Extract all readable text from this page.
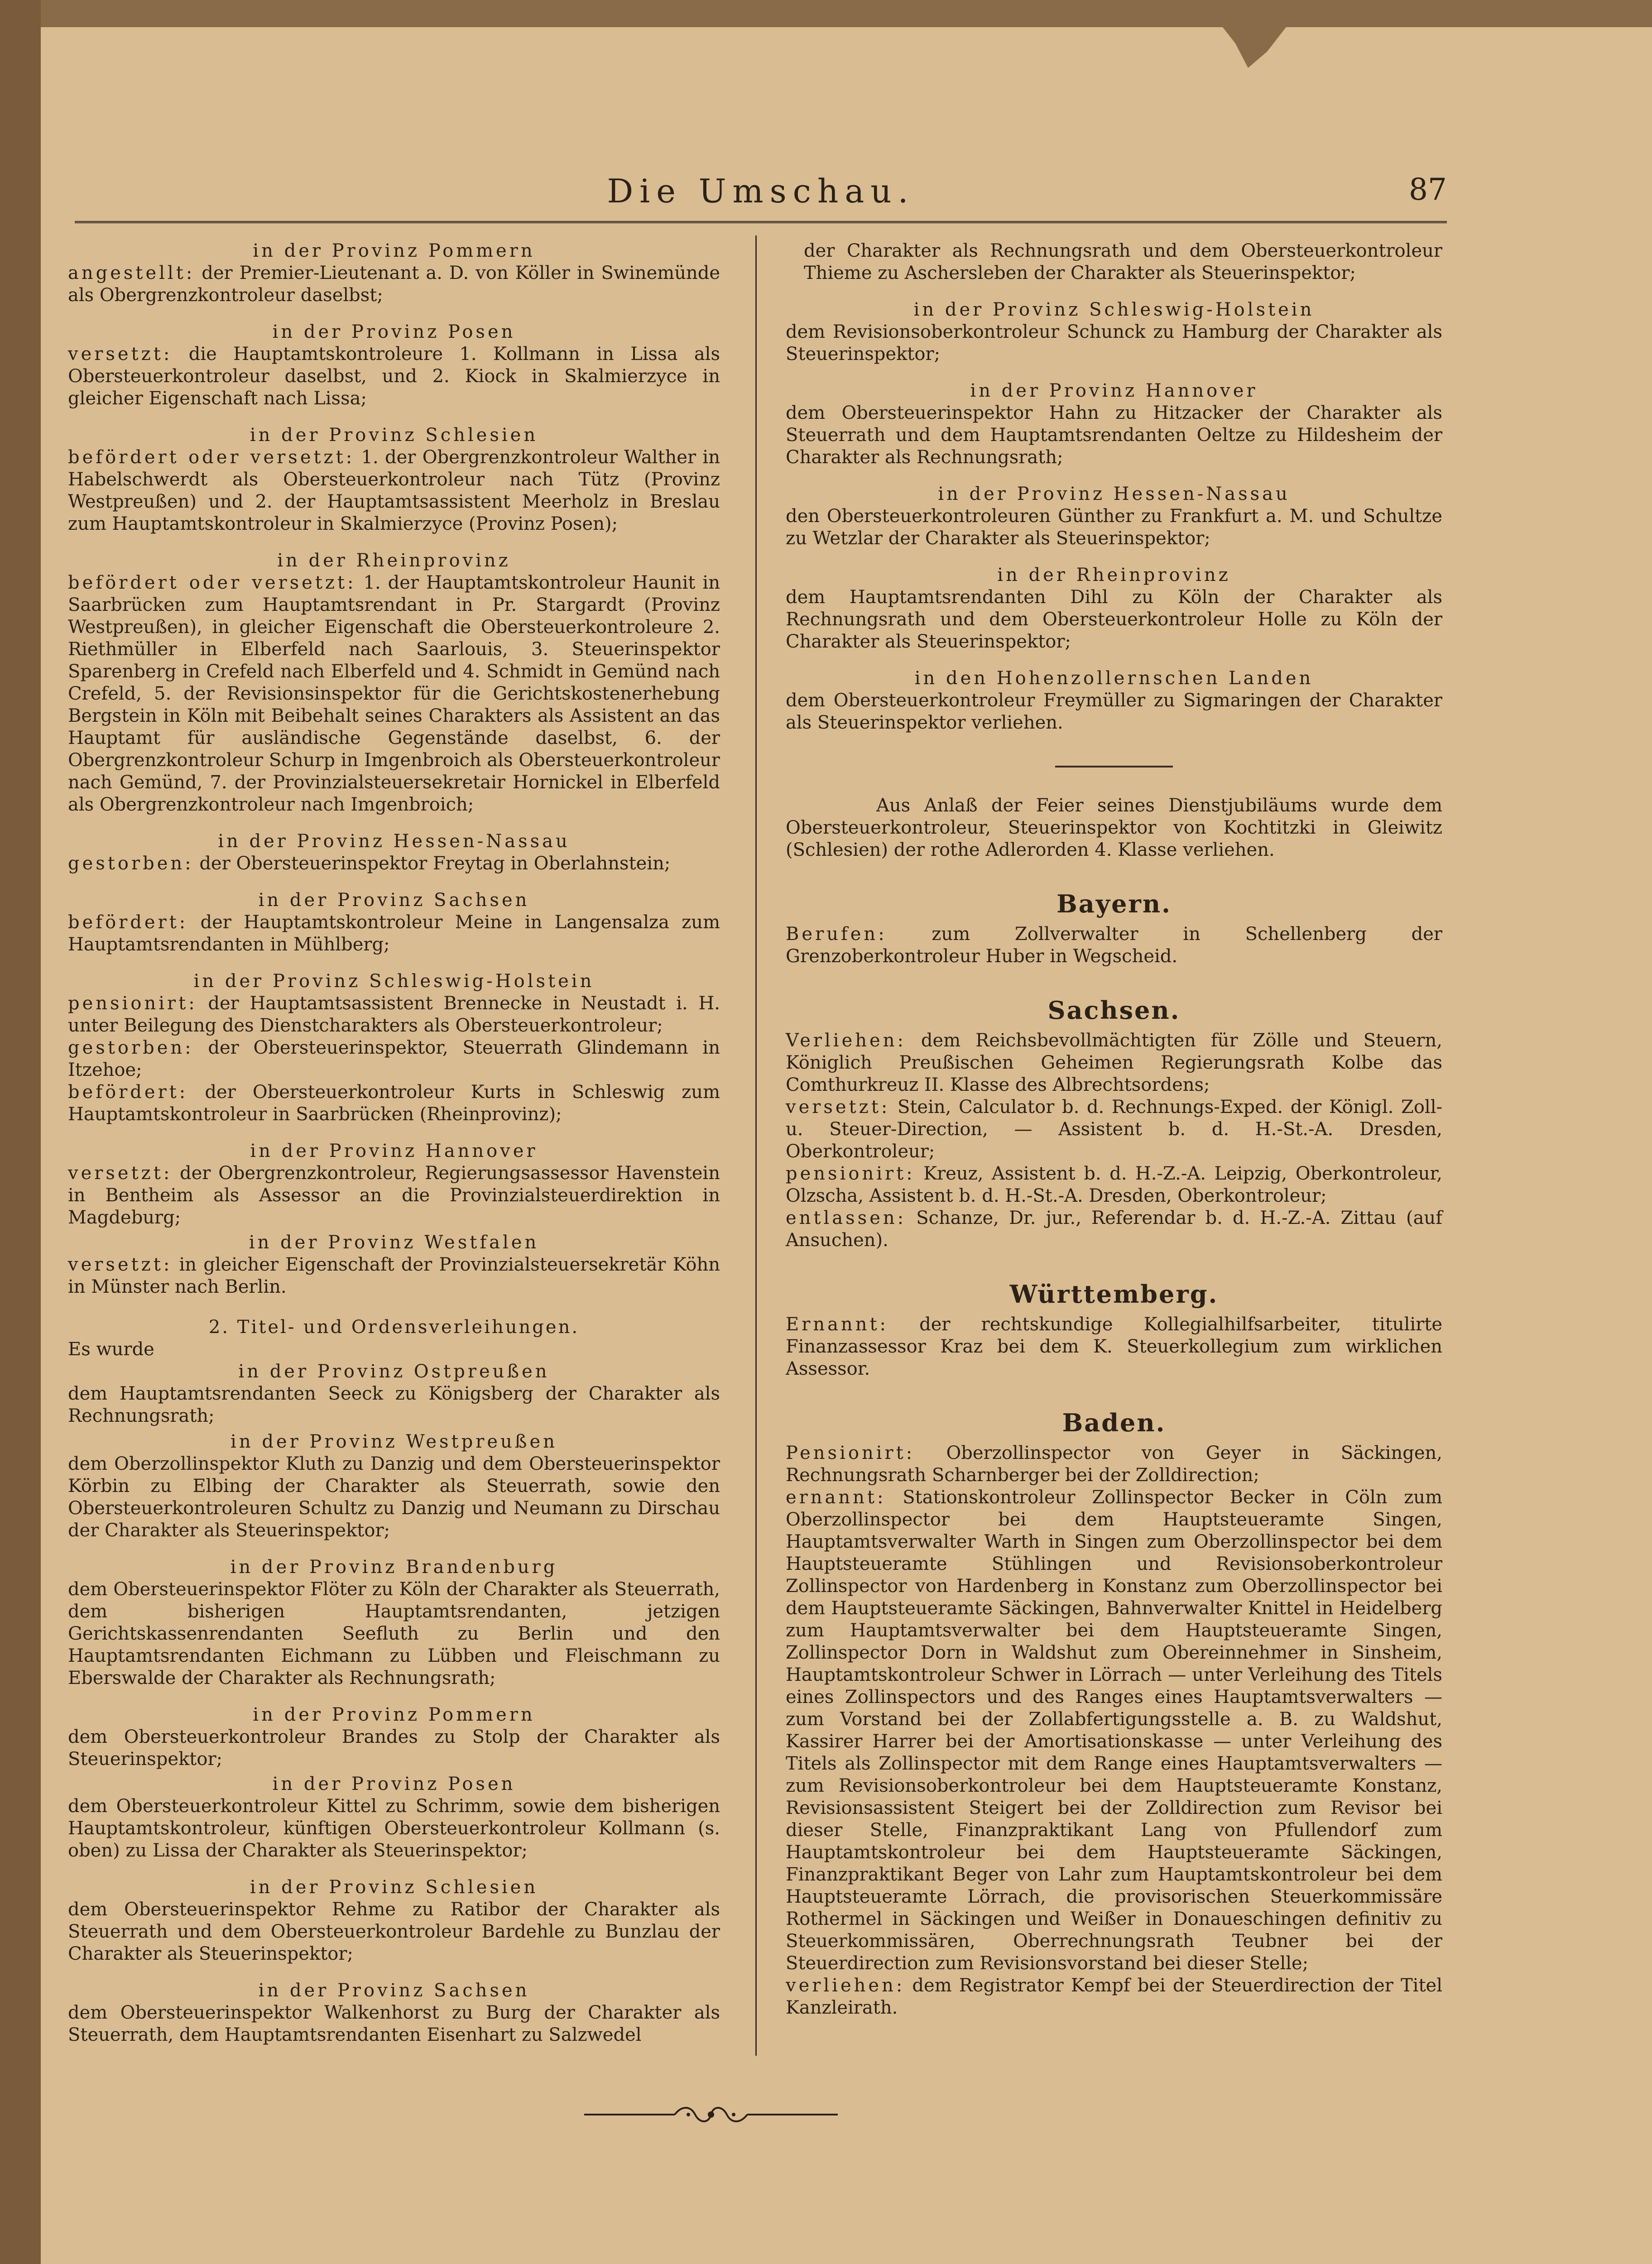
Die Umschau.	87
in der Provinz Pommern

angestellt: der Premier-Lieutenant a. D. von Köller in Swinemünde als Obergrenzkontroleur daselbst;

in der Provinz Posen

versetzt: die Hauptamtskontroleure 1. Kollmann in Lissa als Obersteuerkontroleur daselbst, und 2. Kiock in Skalmierzyce in gleicher Eigenschaft nach Lissa;

in der Provinz Schlesien

befördert oder versetzt: 1. der Obergrenzkontroleur Walther in Habelschwerdt als Obersteuerkontroleur nach Tütz (Provinz Westpreußen) und 2. der Hauptamtsassistent Meerholz in Breslau zum Hauptamtskontroleur in Skalmierzyce (Provinz Posen);

in der Rheinprovinz

befördert oder versetzt: 1. der Hauptamtskontroleur Haunit in Saarbrücken zum Hauptamtsrendant in Pr. Stargardt (Provinz Westpreußen), in gleicher Eigenschaft die Obersteuerkontroleure 2. Riethmüller in Elberfeld nach Saarlouis, 3. Steuerinspektor Sparenberg in Crefeld nach Elberfeld und 4. Schmidt in Gemünd nach Crefeld, 5. der Revisionsinspektor für die Gerichtskostenerhebung Bergstein in Köln mit Beibehalt seines Charakters als Assistent an das Hauptamt für ausländische Gegenstände daselbst, 6. der Obergrenzkontroleur Schurp in Imgenbroich als Obersteuerkontroleur nach Gemünd, 7. der Provinzialsteuersekretair Hornickel in Elberfeld als Obergrenzkontroleur nach Imgenbroich;

in der Provinz Hessen-Nassau

gestorben: der Obersteuerinspektor Freytag in Oberlahnstein;

in der Provinz Sachsen

befördert: der Hauptamtskontroleur Meine in Langensalza zum Hauptamtsrendanten in Mühlberg;

in der Provinz Schleswig-Holstein

pensionirt: der Hauptamtsassistent Brennecke in Neustadt i. H. unter Beilegung des Dienstcharakters als Obersteuerkontroleur;

gestorben: der Obersteuerinspektor, Steuerrath Glindemann in Itzehoe;

befördert: der Obersteuerkontroleur Kurts in Schleswig zum Hauptamtskontroleur in Saarbrücken (Rheinprovinz);

in der Provinz Hannover

versetzt: der Obergrenzkontroleur, Regierungsassessor Havenstein in Bentheim als Assessor an die Provinzialsteuerdirektion in Magdeburg;

in der Provinz Westfalen

versetzt: in gleicher Eigenschaft der Provinzialsteuersekretär Köhn in Münster nach Berlin.

2. Titel- und Ordensverleihungen.

Es wurde

in der Provinz Ostpreußen

dem Hauptamtsrendanten Seeck zu Königsberg der Charakter als Rechnungsrath;

in der Provinz Westpreußen

dem Oberzollinspektor Kluth zu Danzig und dem Obersteuerinspektor Körbin zu Elbing der Charakter als Steuerrath, sowie den Obersteuerkontroleuren Schultz zu Danzig und Neumann zu Dirschau der Charakter als Steuerinspektor;

in der Provinz Brandenburg

dem Obersteuerinspektor Flöter zu Köln der Charakter als Steuerrath, dem bisherigen Hauptamtsrendanten, jetzigen Gerichtskassenrendanten Seefluth zu Berlin und den Hauptamtsrendanten Eichmann zu Lübben und Fleischmann zu Eberswalde der Charakter als Rechnungsrath;

in der Provinz Pommern

dem Obersteuerkontroleur Brandes zu Stolp der Charakter als Steuerinspektor;

in der Provinz Posen

dem Obersteuerkontroleur Kittel zu Schrimm, sowie dem bisherigen Hauptamtskontroleur, künftigen Obersteuerkontroleur Kollmann (s. oben) zu Lissa der Charakter als Steuerinspektor;

in der Provinz Schlesien

dem Obersteuerinspektor Rehme zu Ratibor der Charakter als Steuerrath und dem Obersteuerkontroleur Bardehle zu Bunzlau der Charakter als Steuerinspektor;

in der Provinz Sachsen

dem Obersteuerinspektor Walkenhorst zu Burg der Charakter als Steuerrath, dem Hauptamtsrendanten Eisenhart zu Salzwedel

der Charakter als Rechnungsrath und dem Obersteuerkontroleur Thieme zu Aschersleben der Charakter als Steuerinspektor;

in der Provinz Schleswig-Holstein

dem Revisionsoberkontroleur Schunck zu Hamburg der Charakter als Steuerinspektor;

in der Provinz Hannover

dem Obersteuerinspektor Hahn zu Hitzacker der Charakter als Steuerrath und dem Hauptamtsrendanten Oeltze zu Hildesheim der Charakter als Rechnungsrath;

in der Provinz Hessen-Nassau

den Obersteuerkontroleuren Günther zu Frankfurt a. M. und Schultze zu Wetzlar der Charakter als Steuerinspektor;

in der Rheinprovinz

dem Hauptamtsrendanten Dihl zu Köln der Charakter als Rechnungsrath und dem Obersteuerkontroleur Holle zu Köln der Charakter als Steuerinspektor;

in den Hohenzollernschen Landen

dem Obersteuerkontroleur Freymüller zu Sigmaringen der Charakter als Steuerinspektor verliehen.

Aus Anlaß der Feier seines Dienstjubiläums wurde dem Obersteuerkontroleur, Steuerinspektor von Kochtitzki in Gleiwitz (Schlesien) der rothe Adlerorden 4. Klasse verliehen.

Bayern.

Berufen: zum Zollverwalter in Schellenberg der Grenzoberkontroleur Huber in Wegscheid.

Sachsen.

Verliehen: dem Reichsbevollmächtigten für Zölle und Steuern, Königlich Preußischen Geheimen Regierungsrath Kolbe das Comthurkreuz II. Klasse des Albrechtsordens;

versetzt: Stein, Calculator b. d. Rechnungs-Exped. der Königl. Zoll- u. Steuer-Direction, — Assistent b. d. H.-St.-A. Dresden, Oberkontroleur;

pensionirt: Kreuz, Assistent b. d. H.-Z.-A. Leipzig, Oberkontroleur, Olzscha, Assistent b. d. H.-St.-A. Dresden, Oberkontroleur;

entlassen: Schanze, Dr. jur., Referendar b. d. H.-Z.-A. Zittau (auf Ansuchen).

Württemberg.

Ernannt: der rechtskundige Kollegialhilfsarbeiter, titulirte Finanzassessor Kraz bei dem K. Steuerkollegium zum wirklichen Assessor.

Baden.

Pensionirt: Oberzollinspector von Geyer in Säckingen, Rechnungsrath Scharnberger bei der Zolldirection;

ernannt: Stationskontroleur Zollinspector Becker in Cöln zum Oberzollinspector bei dem Hauptsteueramte Singen, Hauptamtsverwalter Warth in Singen zum Oberzollinspector bei dem Hauptsteueramte Stühlingen und Revisionsoberkontroleur Zollinspector von Hardenberg in Konstanz zum Oberzollinspector bei dem Hauptsteueramte Säckingen, Bahnverwalter Knittel in Heidelberg zum Hauptamtsverwalter bei dem Hauptsteueramte Singen, Zollinspector Dorn in Waldshut zum Obereinnehmer in Sinsheim, Hauptamtskontroleur Schwer in Lörrach — unter Verleihung des Titels eines Zollinspectors und des Ranges eines Hauptamtsverwalters — zum Vorstand bei der Zollabfertigungsstelle a. B. zu Waldshut, Kassirer Harrer bei der Amortisationskasse — unter Verleihung des Titels als Zollinspector mit dem Range eines Hauptamtsverwalters — zum Revisionsoberkontroleur bei dem Hauptsteueramte Konstanz, Revisionsassistent Steigert bei der Zolldirection zum Revisor bei dieser Stelle, Finanzpraktikant Lang von Pfullendorf zum Hauptamtskontroleur bei dem Hauptsteueramte Säckingen, Finanzpraktikant Beger von Lahr zum Hauptamtskontroleur bei dem Hauptsteueramte Lörrach, die provisorischen Steuerkommissäre Rothermel in Säckingen und Weißer in Donaueschingen definitiv zu Steuerkommissären, Oberrechnungsrath Teubner bei der Steuerdirection zum Revisionsvorstand bei dieser Stelle;

verliehen: dem Registrator Kempf bei der Steuerdirection der Titel Kanzleirath.
